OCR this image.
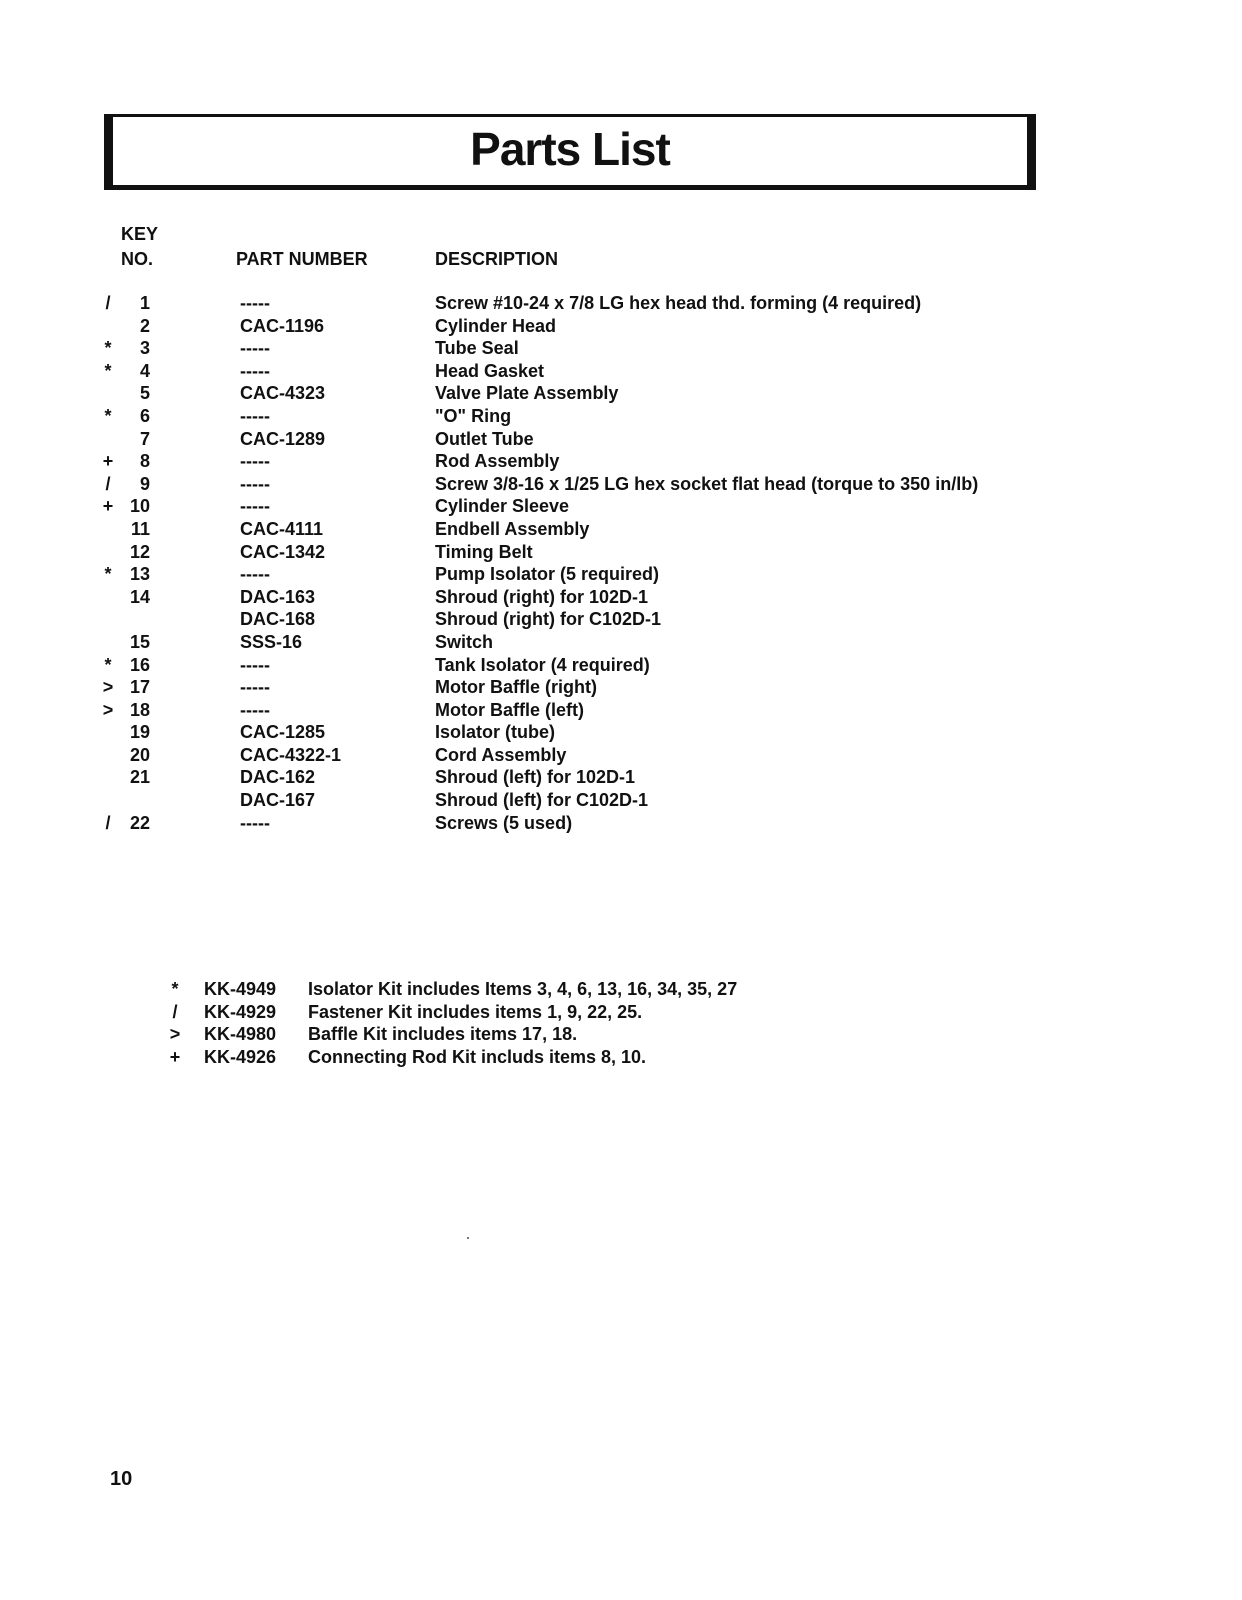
Parts List
KEY
NO.	PART NUMBER	DESCRIPTION
/	1	-----	Screw #10-24 x 7/8 LG hex head thd. forming (4 required)
2	CAC-1196	Cylinder Head
*	3	-----	Tube Seal
*	4	-----	Head Gasket
5	CAC-4323	Valve Plate Assembly
*	6	-----	"O" Ring
7	CAC-1289	Outlet Tube
+	8	-----	Rod Assembly
/	9	-----	Screw 3/8-16 x 1/25 LG hex socket flat head (torque to 350 in/lb)
+ 10	-----	Cylinder Sleeve
11	CAC-4111	Endbell Assembly
12	CAC-1342	Timing Belt
*	13	-----	Pump Isolator (5 required)
14	DAC-163	Shroud (right) for 102D-1
DAC-168	Shroud (right) for C102D-1
15	SSS-16	Switch
*	16	-----	Tank Isolator (4 required)
> 17	-----	Motor Baffle (right)
> 18	-----	Motor Baffle (left)
19	CAC-1285	Isolator (tube)
20	CAC-4322-1	Cord Assembly
21	DAC-162	Shroud (left) for 102D-1
DAC-167	Shroud (left) for C102D-1
/	22	-----	Screws (5 used)
* KK-4949 Isolator Kit includes Items 3, 4, 6, 13, 16, 34, 35, 27
/	KK-4929 Fastener Kit includes items 1, 9, 22, 25.
> KK-4980 Baffle Kit includes items 17, 18.
+ KK-4926 Connecting Rod Kit includs items 8, 10.
10
